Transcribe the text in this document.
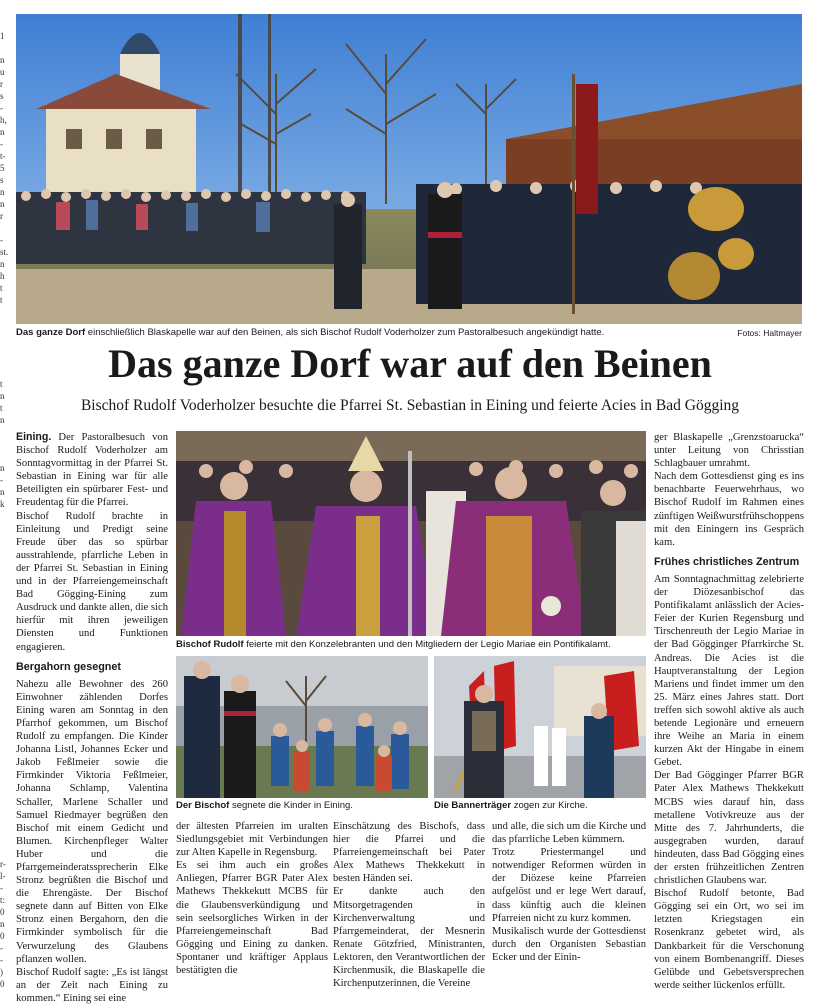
1

n
u
r
s
-
h,
n
-
t-
5
s
n
n
r

-
st.
n
h
t
t

t
n
t
n

n
-
n
k

r-
l-
-
t:
0
n
0
-
-
)
0
Das ganze Dorf einschließlich Blaskapelle war auf den Beinen, als sich Bischof Rudolf Voderholzer zum Pastoralbesuch angekündigt hatte.	Fotos: Haltmayer
Das ganze Dorf war auf den Beinen
Bischof Rudolf Voderholzer besuchte die Pfarrei St. Sebastian in Eining und feierte Acies in Bad Gögging

Eining. Der Pastoralbesuch von Bischof Rudolf Voderholzer am Sonntagvormittag in der Pfarrei St. Sebastian in Eining war für alle Beteiligten ein spürbarer Fest- und Freudentag für die Pfarrei.

Bischof Rudolf brachte in Einleitung und Predigt seine Freude über das so spürbar ausstrahlende, pfarrliche Leben in der Pfarrei St. Sebastian in Eining und in der Pfarreiengemeinschaft Bad Gögging-Eining zum Ausdruck und dankte allen, die sich hierfür mit ihren jeweiligen Diensten und Funktionen engagieren.

Bergahorn gesegnet

Nahezu alle Bewohner des 260 Einwohner zählenden Dorfes Eining waren am Sonntag in den Pfarrhof gekommen, um Bischof Rudolf zu empfangen. Die Kinder Johanna Listl, Johannes Ecker und Jakob Feßlmeier sowie die Firmkinder Viktoria Feßlmeier, Johanna Schlamp, Valentina Schaller, Marlene Schaller und Samuel Riedmayer begrüßen den Bischof mit einem Gedicht und Blumen. Kirchenpfleger Walter Huber und die Pfarrgemeinderatssprecherin Elke Stronz begrüßten die Bischof und die Ehrengäste. Der Bischof segnete dann auf Bitten von Elke Stronz einen Bergahorn, den die Firmkinder symbolisch für die Verwurzelung des Glaubens pflanzen wollen.

Bischof Rudolf sagte: „Es ist längst an der Zeit nach Eining zu kommen.“ Eining sei eine

Bischof Rudolf feierte mit den Konzelebranten und den Mitgliedern der Legio Mariae ein Pontifikalamt.
Der Bischof segnete die Kinder in Eining.	Die Bannerträger zogen zur Kirche.
der ältesten Pfarreien im uralten Siedlungsgebiet mit Verbindungen zur Alten Kapelle in Regensburg.
Es sei ihm auch ein großes Anliegen, Pfarrer BGR Pater Alex Mathews Thekkekutt MCBS für die Glaubensverkündigung und sein seelsorgliches Wirken in der Pfarreiengemeinschaft Bad Gögging und Eining zu danken. Spontaner und kräftiger Applaus bestätigten die
Einschätzung des Bischofs, dass hier die Pfarrei und die Pfarreiengemeinschaft bei Pater Alex Mathews Thekkekutt in besten Händen sei.
Er dankte auch den Mitsorgetragenden in Kirchenverwaltung und Pfarrgemeinderat, der Mesnerin Renate Götzfried, Ministranten, Lektoren, den Verantwortlichen der Kirchenmusik, die Blaskapelle die Kirchenputzerinnen, die Vereine
und alle, die sich um die Kirche und das pfarrliche Leben kümmern.
Trotz Priestermangel und notwendiger Reformen würden in der Diözese keine Pfarreien aufgelöst und er lege Wert darauf, dass künftig auch die kleinen Pfarreien nicht zu kurz kommen.
Musikalisch wurde der Gottesdienst durch den Organisten Sebastian Ecker und der Einin-

ger Blaskapelle „Grenzstoarucka“ unter Leitung von Chrisstian Schlagbauer umrahmt.

Nach dem Gottesdienst ging es ins benachbarte Feuerwehrhaus, wo Bischof Rudolf im Rahmen eines zünftigen Weißwurstfrühschoppens mit den Einingern ins Gespräch kam.

Frühes christliches Zentrum

Am Sonntagnachmittag zelebrierte der Diözesanbischof das Pontifikalamt anlässlich der Acies-Feier der Kurien Regensburg und Tirschenreuth der Legio Mariae in der Bad Gögginger Pfarrkirche St. Andreas. Die Acies ist die Hauptveranstaltung der Legion Mariens und findet immer um den 25. März eines Jahres statt. Dort treffen sich sowohl aktive als auch betende Legionäre und erneuern ihre Weihe an Maria in einem kurzen Akt der Hingabe in einem Gebet.

Der Bad Gögginger Pfarrer BGR Pater Alex Mathews Thekkekutt MCBS wies darauf hin, dass metallene Votivkreuze aus der Mitte des 7. Jahrhunderts, die ausgegraben wurden, darauf hindeuten, dass Bad Gögging eines der ersten frühzeitlichen Zentren christlichen Glaubens war.

Bischof Rudolf betonte, Bad Gögging sei ein Ort, wo sei im letzten Kriegstagen ein Rosenkranz gebetet wird, als Dankbarkeit für die Verschonung von einem Bombenangriff. Dieses Gelübde und Gebetsversprechen werde seither lückenlos erfüllt.
